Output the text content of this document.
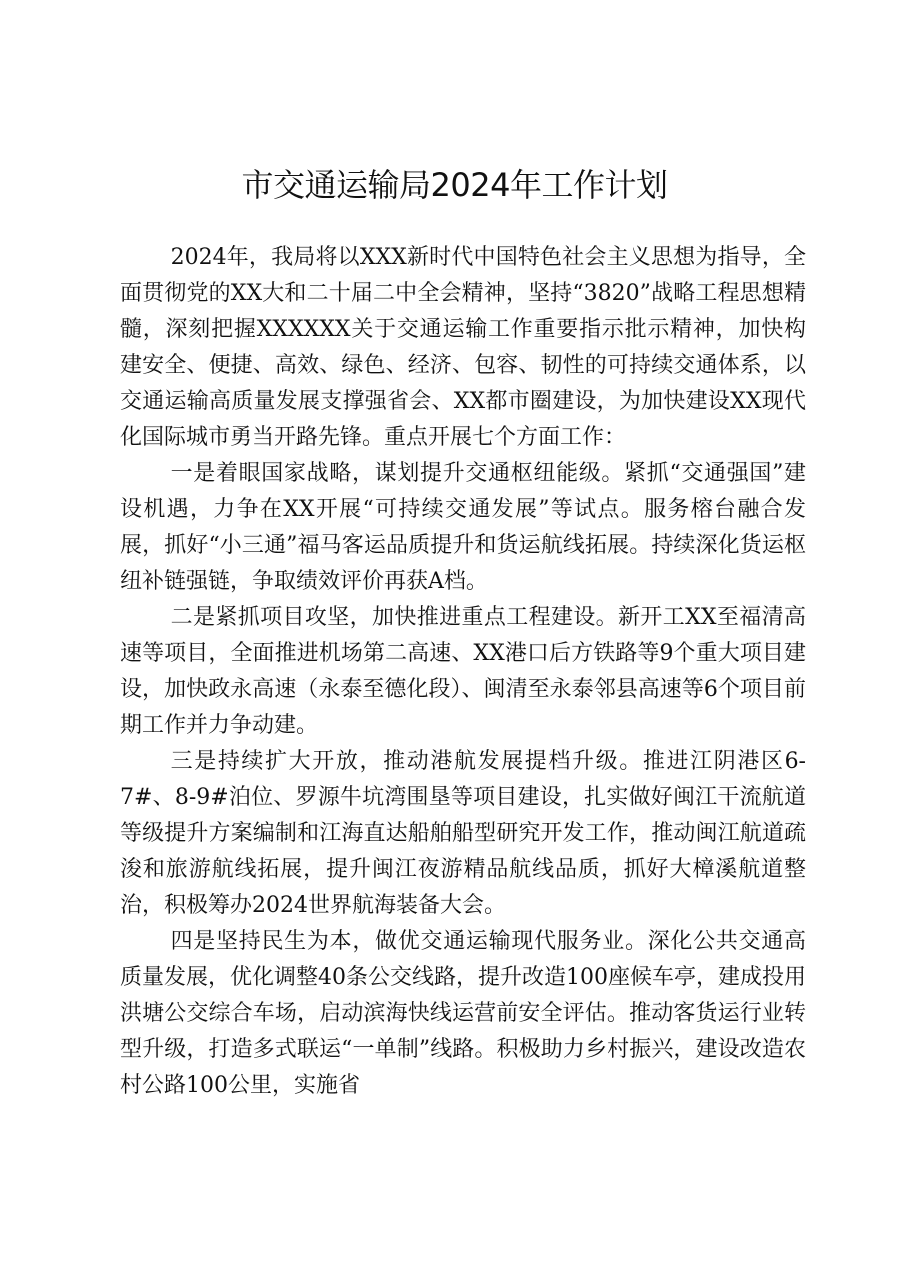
市交通运输局2024年工作计划

2024年，我局将以XXX新时代中国特色社会主义思想为指导，全面贯彻党的XX大和二十届二中全会精神，坚持“3820”战略工程思想精髓，深刻把握XXXXXX关于交通运输工作重要指示批示精神，加快构建安全、便捷、高效、绿色、经济、包容、韧性的可持续交通体系，以交通运输高质量发展支撑强省会、XX都市圈建设，为加快建设XX现代化国际城市勇当开路先锋。重点开展七个方面工作：

一是着眼国家战略，谋划提升交通枢纽能级。紧抓“交通强国”建设机遇，力争在XX开展“可持续交通发展”等试点。服务榕台融合发展，抓好“小三通”福马客运品质提升和货运航线拓展。持续深化货运枢纽补链强链，争取绩效评价再获A档。

二是紧抓项目攻坚，加快推进重点工程建设。新开工XX至福清高速等项目，全面推进机场第二高速、XX港口后方铁路等9个重大项目建设，加快政永高速（永泰至德化段）、闽清至永泰邻县高速等6个项目前期工作并力争动建。

三是持续扩大开放，推动港航发展提档升级。推进江阴港区6-7#、8-9#泊位、罗源牛坑湾围垦等项目建设，扎实做好闽江干流航道等级提升方案编制和江海直达船舶船型研究开发工作，推动闽江航道疏浚和旅游航线拓展，提升闽江夜游精品航线品质，抓好大樟溪航道整治，积极筹办2024世界航海装备大会。

四是坚持民生为本，做优交通运输现代服务业。深化公共交通高质量发展，优化调整40条公交线路，提升改造100座候车亭，建成投用洪塘公交综合车场，启动滨海快线运营前安全评估。推动客货运行业转型升级，打造多式联运“一单制”线路。积极助力乡村振兴，建设改造农村公路100公里，实施省
